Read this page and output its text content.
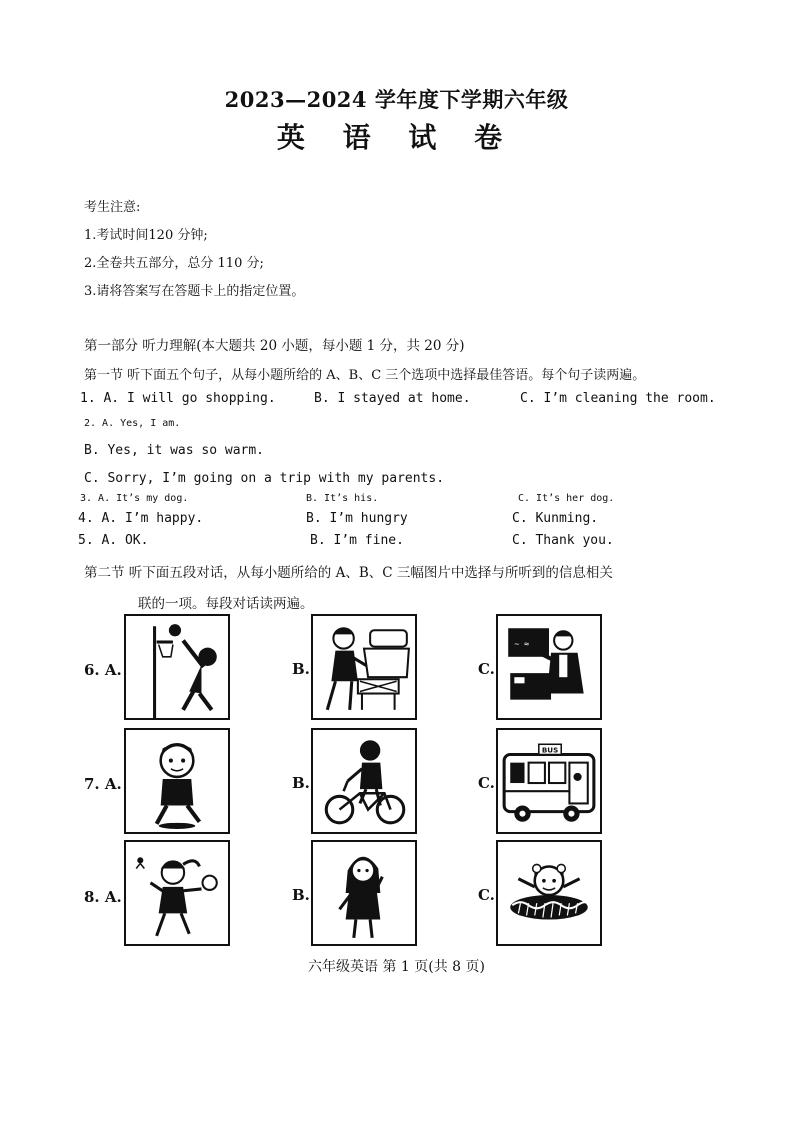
2023—2024 学年度下学期六年级
英 语 试 卷
考生注意:
1.考试时间120 分钟;
2.全卷共五部分，总分 110 分;
3.请将答案写在答题卡上的指定位置。
第一部分 听力理解(本大题共 20 小题，每小题 1 分，共 20 分)
第一节 听下面五个句子，从每小题所给的 A、B、C 三个选项中选择最佳答语。每个句子读两遍。
1. A. I will go shopping.	B. I stayed at home.	C. I’m cleaning the room.
2. A. Yes, I am.
B. Yes, it was so warm.
C. Sorry, I’m going on a trip with my parents.
3. A. It’s my dog.	B. It’s his.	C. It’s her dog.
4. A. I’m happy.	B. I’m hungry	C. Kunming.
5. A. OK.	B. I’m fine.	C. Thank you.
第二节 听下面五段对话，从每小题所给的 A、B、C 三幅图片中选择与所听到的信息相关
联的一项。每段对话读两遍。
6. A.	B.	C.
~ ≈
7. A.	B.	C.
BUS
8. A.	B.	C.
六年级英语 第 1 页(共 8 页)
